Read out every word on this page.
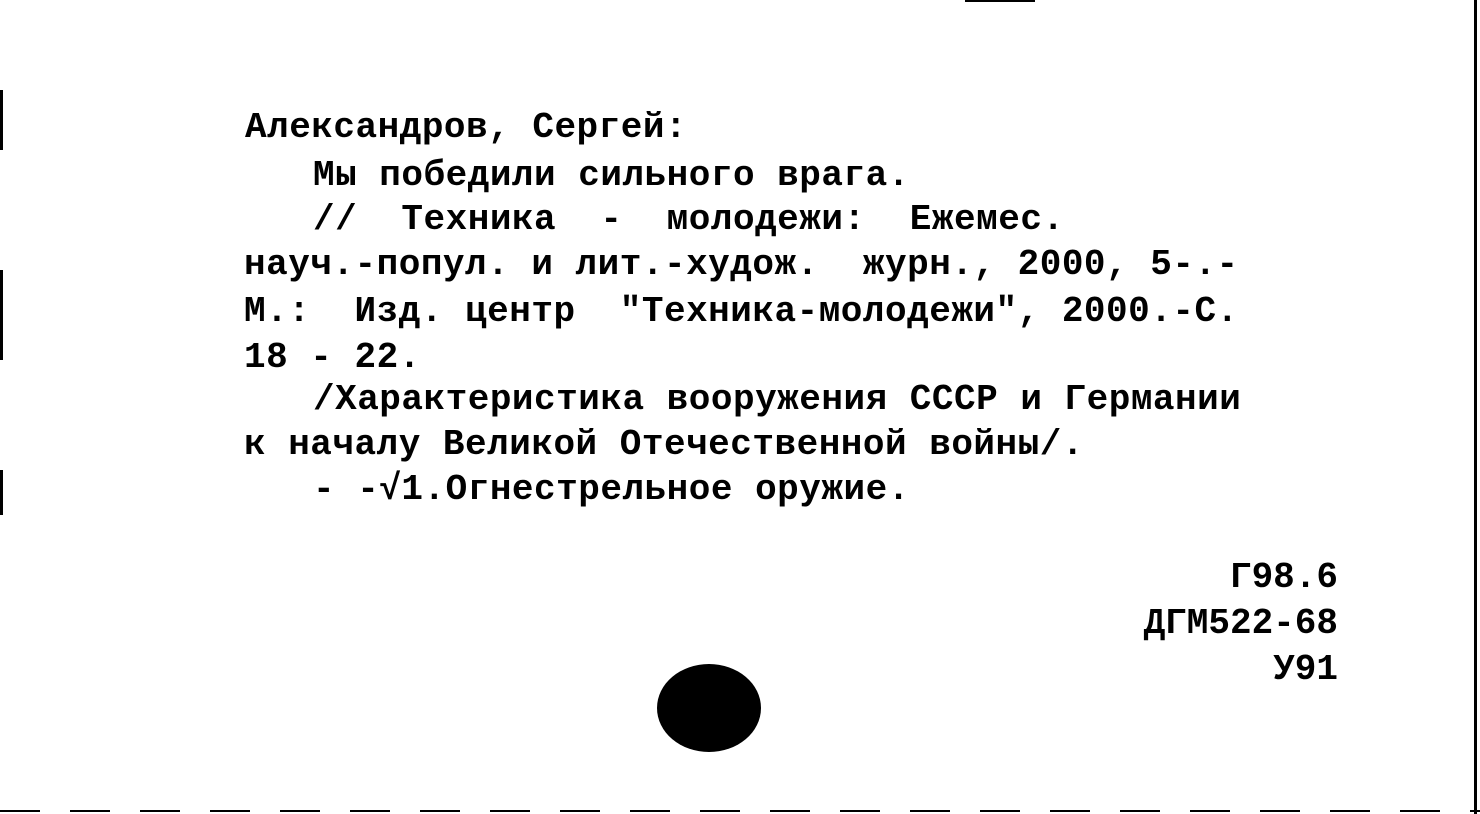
Александров, Сергей:
Мы победили сильного врага.
//  Техника  -  молодежи:  Ежемес.
науч.-попул. и лит.-худож.  журн., 2000, 5-.-
М.:  Изд. центр  "Техника-молодежи", 2000.-С.
18 - 22.
/Характеристика вооружения СССР и Германии
к началу Великой Отечественной войны/.
- -√1.Огнестрельное оружие.
Г98.6
ДГМ522-68
У91
